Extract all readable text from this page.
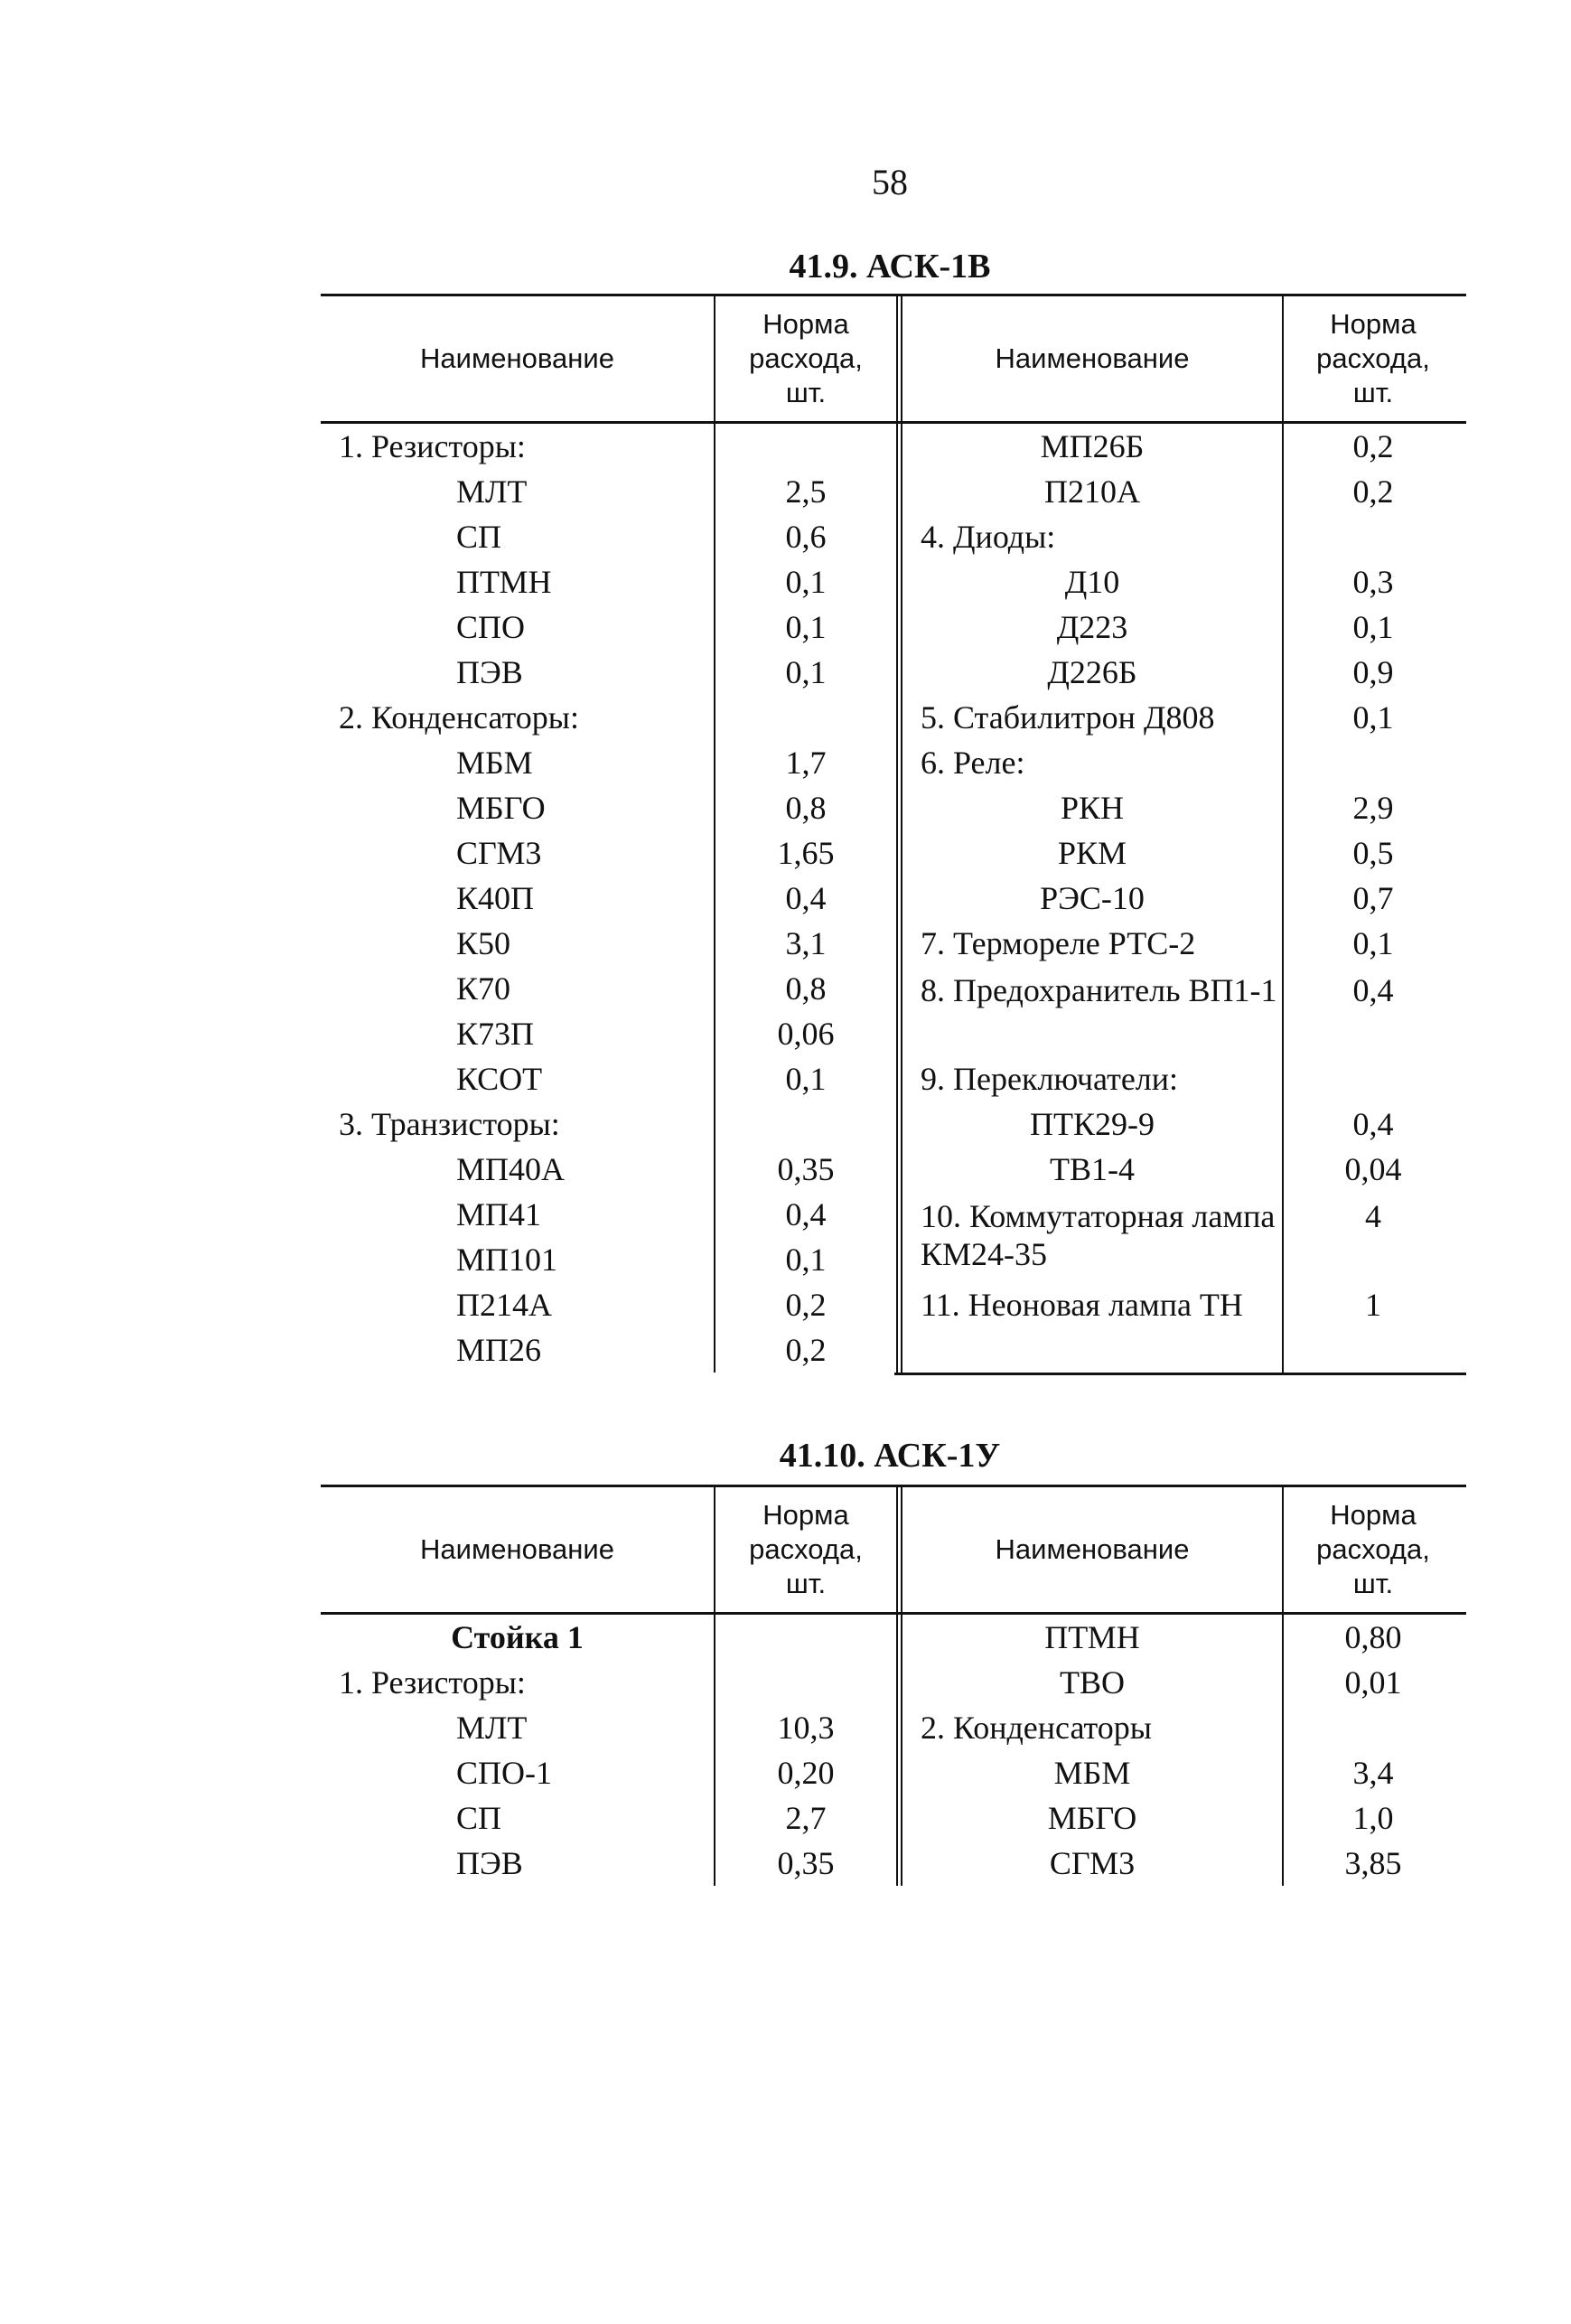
58
41.9. АСК-1В
Наименование
Норма
расхода,
шт.
Наименование
Норма
расхода,
шт.
1. Резисторы:
МЛТ
СП
ПТМН
СПО
ПЭВ
2. Конденсаторы:
МБМ
МБГО
СГМ3
К40П
К50
К70
К73П
КСОТ
3. Транзисторы:
МП40А
МП41
МП101
П214А
МП26
2,5
0,6
0,1
0,1
0,1
1,7
0,8
1,65
0,4
3,1
0,8
0,06
0,1
0,35
0,4
0,1
0,2
0,2
МП26Б
П210А
4. Диоды:
Д10
Д223
Д226Б
5. Стабилитрон Д808
6. Реле:
РКН
РКМ
РЭС-10
7. Термореле РТС-2
8. Предохранитель ВП1-1
9. Переключатели:
ПТК29-9
ТВ1-4
10. Коммутаторная лампа КМ24-35
11. Неоновая лампа ТН
0,2
0,2
0,3
0,1
0,9
0,1
2,9
0,5
0,7
0,1
0,4
0,4
0,04
4
1
41.10. АСК-1У
Наименование
Норма
расхода,
шт.
Наименование
Норма
расхода,
шт.
Стойка 1
1. Резисторы:
МЛТ
СПО-1
СП
ПЭВ
10,3
0,20
2,7
0,35
ПТМН
ТВО
2. Конденсаторы
МБМ
МБГО
СГМ3
0,80
0,01
3,4
1,0
3,85
